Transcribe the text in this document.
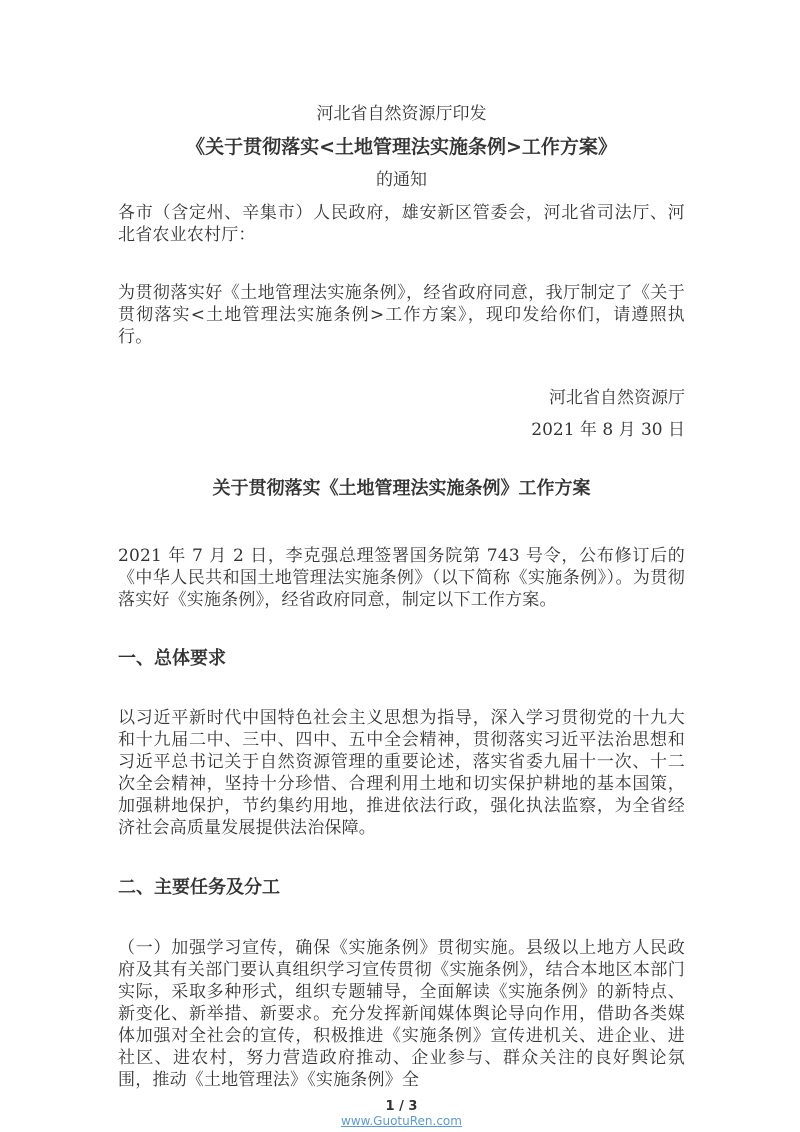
河北省自然资源厅印发

《关于贯彻落实<土地管理法实施条例>工作方案》

的通知

各市（含定州、辛集市）人民政府，雄安新区管委会，河北省司法厅、河北省农业农村厅：

为贯彻落实好《土地管理法实施条例》，经省政府同意，我厅制定了《关于贯彻落实<土地管理法实施条例>工作方案》，现印发给你们，请遵照执行。

河北省自然资源厅

2021 年 8 月 30 日

关于贯彻落实《土地管理法实施条例》工作方案

2021 年 7 月 2 日，李克强总理签署国务院第 743 号令，公布修订后的《中华人民共和国土地管理法实施条例》（以下简称《实施条例》）。为贯彻落实好《实施条例》，经省政府同意，制定以下工作方案。

一、总体要求

以习近平新时代中国特色社会主义思想为指导，深入学习贯彻党的十九大和十九届二中、三中、四中、五中全会精神，贯彻落实习近平法治思想和习近平总书记关于自然资源管理的重要论述，落实省委九届十一次、十二次全会精神，坚持十分珍惜、合理利用土地和切实保护耕地的基本国策，加强耕地保护，节约集约用地，推进依法行政，强化执法监察，为全省经济社会高质量发展提供法治保障。

二、主要任务及分工

（一）加强学习宣传，确保《实施条例》贯彻实施。县级以上地方人民政府及其有关部门要认真组织学习宣传贯彻《实施条例》，结合本地区本部门实际，采取多种形式，组织专题辅导，全面解读《实施条例》的新特点、新变化、新举措、新要求。充分发挥新闻媒体舆论导向作用，借助各类媒体加强对全社会的宣传，积极推进《实施条例》宣传进机关、进企业、进社区、进农村，努力营造政府推动、企业参与、群众关注的良好舆论氛围，推动《土地管理法》《实施条例》全

1 / 3

www.GuotuRen.com
